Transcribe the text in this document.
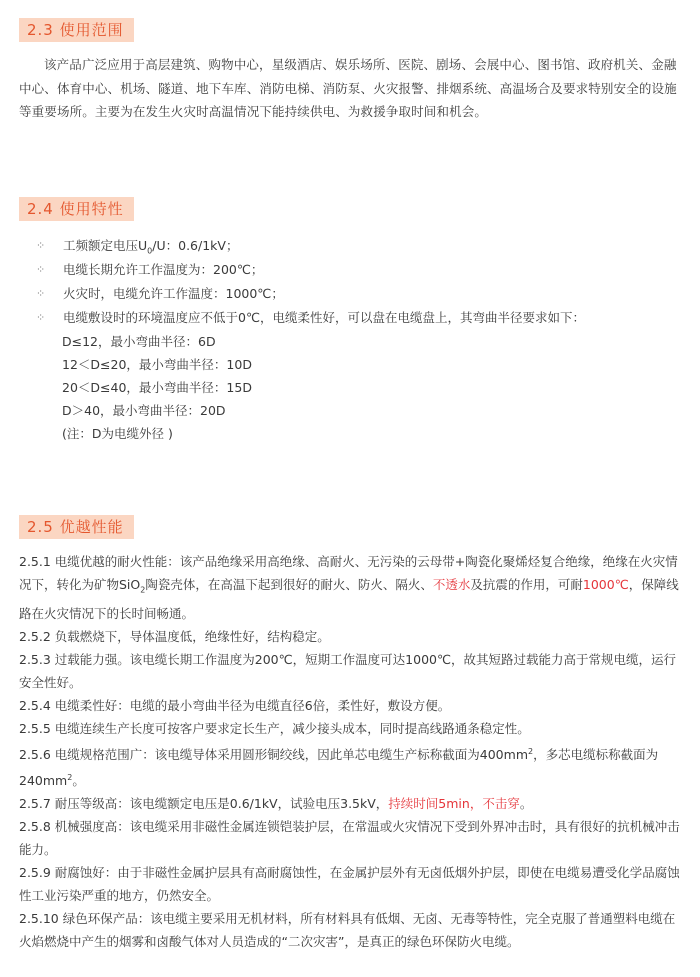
2.3 使用范围
该产品广泛应用于高层建筑、购物中心，星级酒店、娱乐场所、医院、剧场、会展中心、图书馆、政府机关、金融中心、体育中心、机场、隧道、地下车库、消防电梯、消防泵、火灾报警、排烟系统、高温场合及要求特别安全的设施等重要场所。主要为在发生火灾时高温情况下能持续供电、为救援争取时间和机会。
2.4 使用特性
⁘	工频额定电压$U_0/U$：0.6/1kV；
⁘	电缆长期允许工作温度为：200℃；
⁘	火灾时，电缆允许工作温度：1000℃；
⁘	电缆敷设时的环境温度应不低于0℃，电缆柔性好，可以盘在电缆盘上，其弯曲半径要求如下：
D≤12，最小弯曲半径：6D
12＜D≤20，最小弯曲半径：10D
20＜D≤40，最小弯曲半径：15D
D＞40，最小弯曲半径：20D
(注：D为电缆外径 )
2.5 优越性能

2.5.1 电缆优越的耐火性能：该产品绝缘采用高绝缘、高耐火、无污染的云母带+陶瓷化聚烯烃复合绝缘，绝缘在火灾情况下，转化为矿物SiO$_2$陶瓷壳体，在高温下起到很好的耐火、防火、隔火、不透水及抗震的作用，可耐1000℃，保障线路在火灾情况下的长时间畅通。

2.5.2 负载燃烧下，导体温度低，绝缘性好，结构稳定。

2.5.3 过载能力强。该电缆长期工作温度为200℃，短期工作温度可达1000℃，故其短路过载能力高于常规电缆，运行安全性好。

2.5.4 电缆柔性好：电缆的最小弯曲半径为电缆直径6倍，柔性好，敷设方便。

2.5.5 电缆连续生产长度可按客户要求定长生产，减少接头成本，同时提高线路通条稳定性。

2.5.6 电缆规格范围广：该电缆导体采用圆形铜绞线，因此单芯电缆生产标称截面为$400mm^2$，多芯电缆标称截面为$240mm^2$。

2.5.7 耐压等级高：该电缆额定电压是0.6/1kV，试验电压3.5kV，持续时间5min，不击穿。

2.5.8 机械强度高：该电缆采用非磁性金属连锁铠装护层，在常温或火灾情况下受到外界冲击时，具有很好的抗机械冲击能力。

2.5.9 耐腐蚀好：由于非磁性金属护层具有高耐腐蚀性，在金属护层外有无卤低烟外护层，即使在电缆易遭受化学品腐蚀性工业污染严重的地方，仍然安全。

2.5.10 绿色环保产品：该电缆主要采用无机材料，所有材料具有低烟、无卤、无毒等特性，完全克服了普通塑料电缆在火焰燃烧中产生的烟雾和卤酸气体对人员造成的“二次灾害”，是真正的绿色环保防火电缆。
